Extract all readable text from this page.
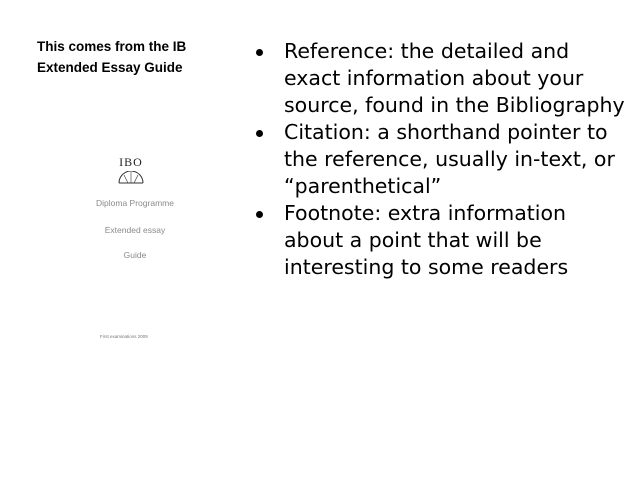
This comes from the IB
Extended Essay Guide
IBO
Diploma Programme
Extended essay
Guide
First examinations 2009
Reference: the detailed and exact information about your source, found in the Bibliography
Citation: a shorthand pointer to the reference, usually in-text, or “parenthetical”
Footnote: extra information about a point that will be interesting to some readers
